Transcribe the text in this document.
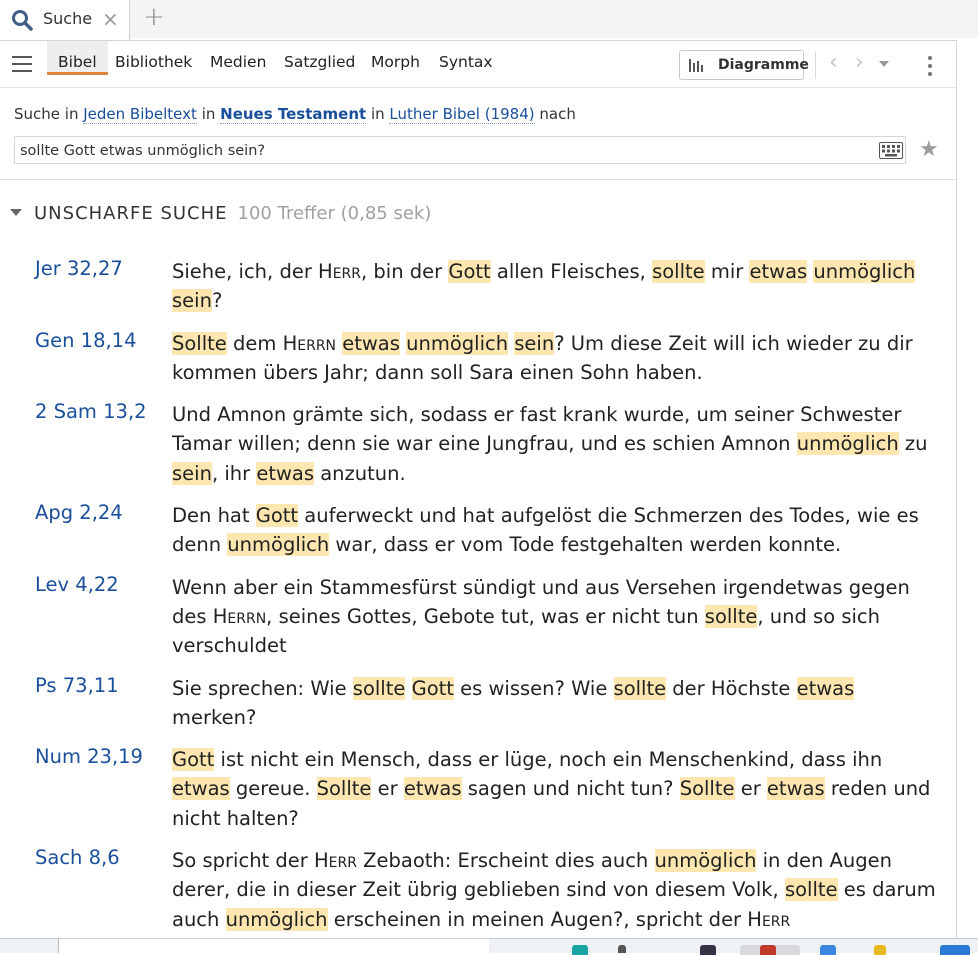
Suche × +
Bibel	Bibliothek Medien Satzglied Morph Syntax	Diagramme ‹ ›
Suche in Jeden Bibeltext in Neues Testament in Luther Bibel (1984) nach
sollte Gott etwas unmöglich sein?
★
UNSCHARFE SUCHE 100 Treffer (0,85 sek)
Jer 32,27	Siehe, ich, der Herr, bin der Gott allen Fleisches, sollte mir etwas unmöglich sein?
Gen 18,14 Sollte dem Herrn etwas unmöglich sein? Um diese Zeit will ich wieder zu dir kommen übers Jahr; dann soll Sara einen Sohn haben.
2 Sam 13,2 Und Amnon grämte sich, sodass er fast krank wurde, um seiner Schwester Tamar willen; denn sie war eine Jungfrau, und es schien Amnon unmöglich zu sein, ihr etwas anzutun.
Apg 2,24	Den hat Gott auferweckt und hat aufgelöst die Schmerzen des Todes, wie es denn unmöglich war, dass er vom Tode festgehalten werden konnte.
Lev 4,22	Wenn aber ein Stammesfürst sündigt und aus Versehen irgendetwas gegen des Herrn, seines Gottes, Gebote tut, was er nicht tun sollte, und so sich verschuldet
Ps 73,11	Sie sprechen: Wie sollte Gott es wissen? Wie sollte der Höchste etwas merken?
Num 23,19 Gott ist nicht ein Mensch, dass er lüge, noch ein Menschenkind, dass ihn etwas gereue. Sollte er etwas sagen und nicht tun? Sollte er etwas reden und nicht halten?
Sach 8,6	So spricht der Herr Zebaoth: Erscheint dies auch unmöglich in den Augen derer, die in dieser Zeit übrig geblieben sind von diesem Volk, sollte es darum auch unmöglich erscheinen in meinen Augen?, spricht der Herr
